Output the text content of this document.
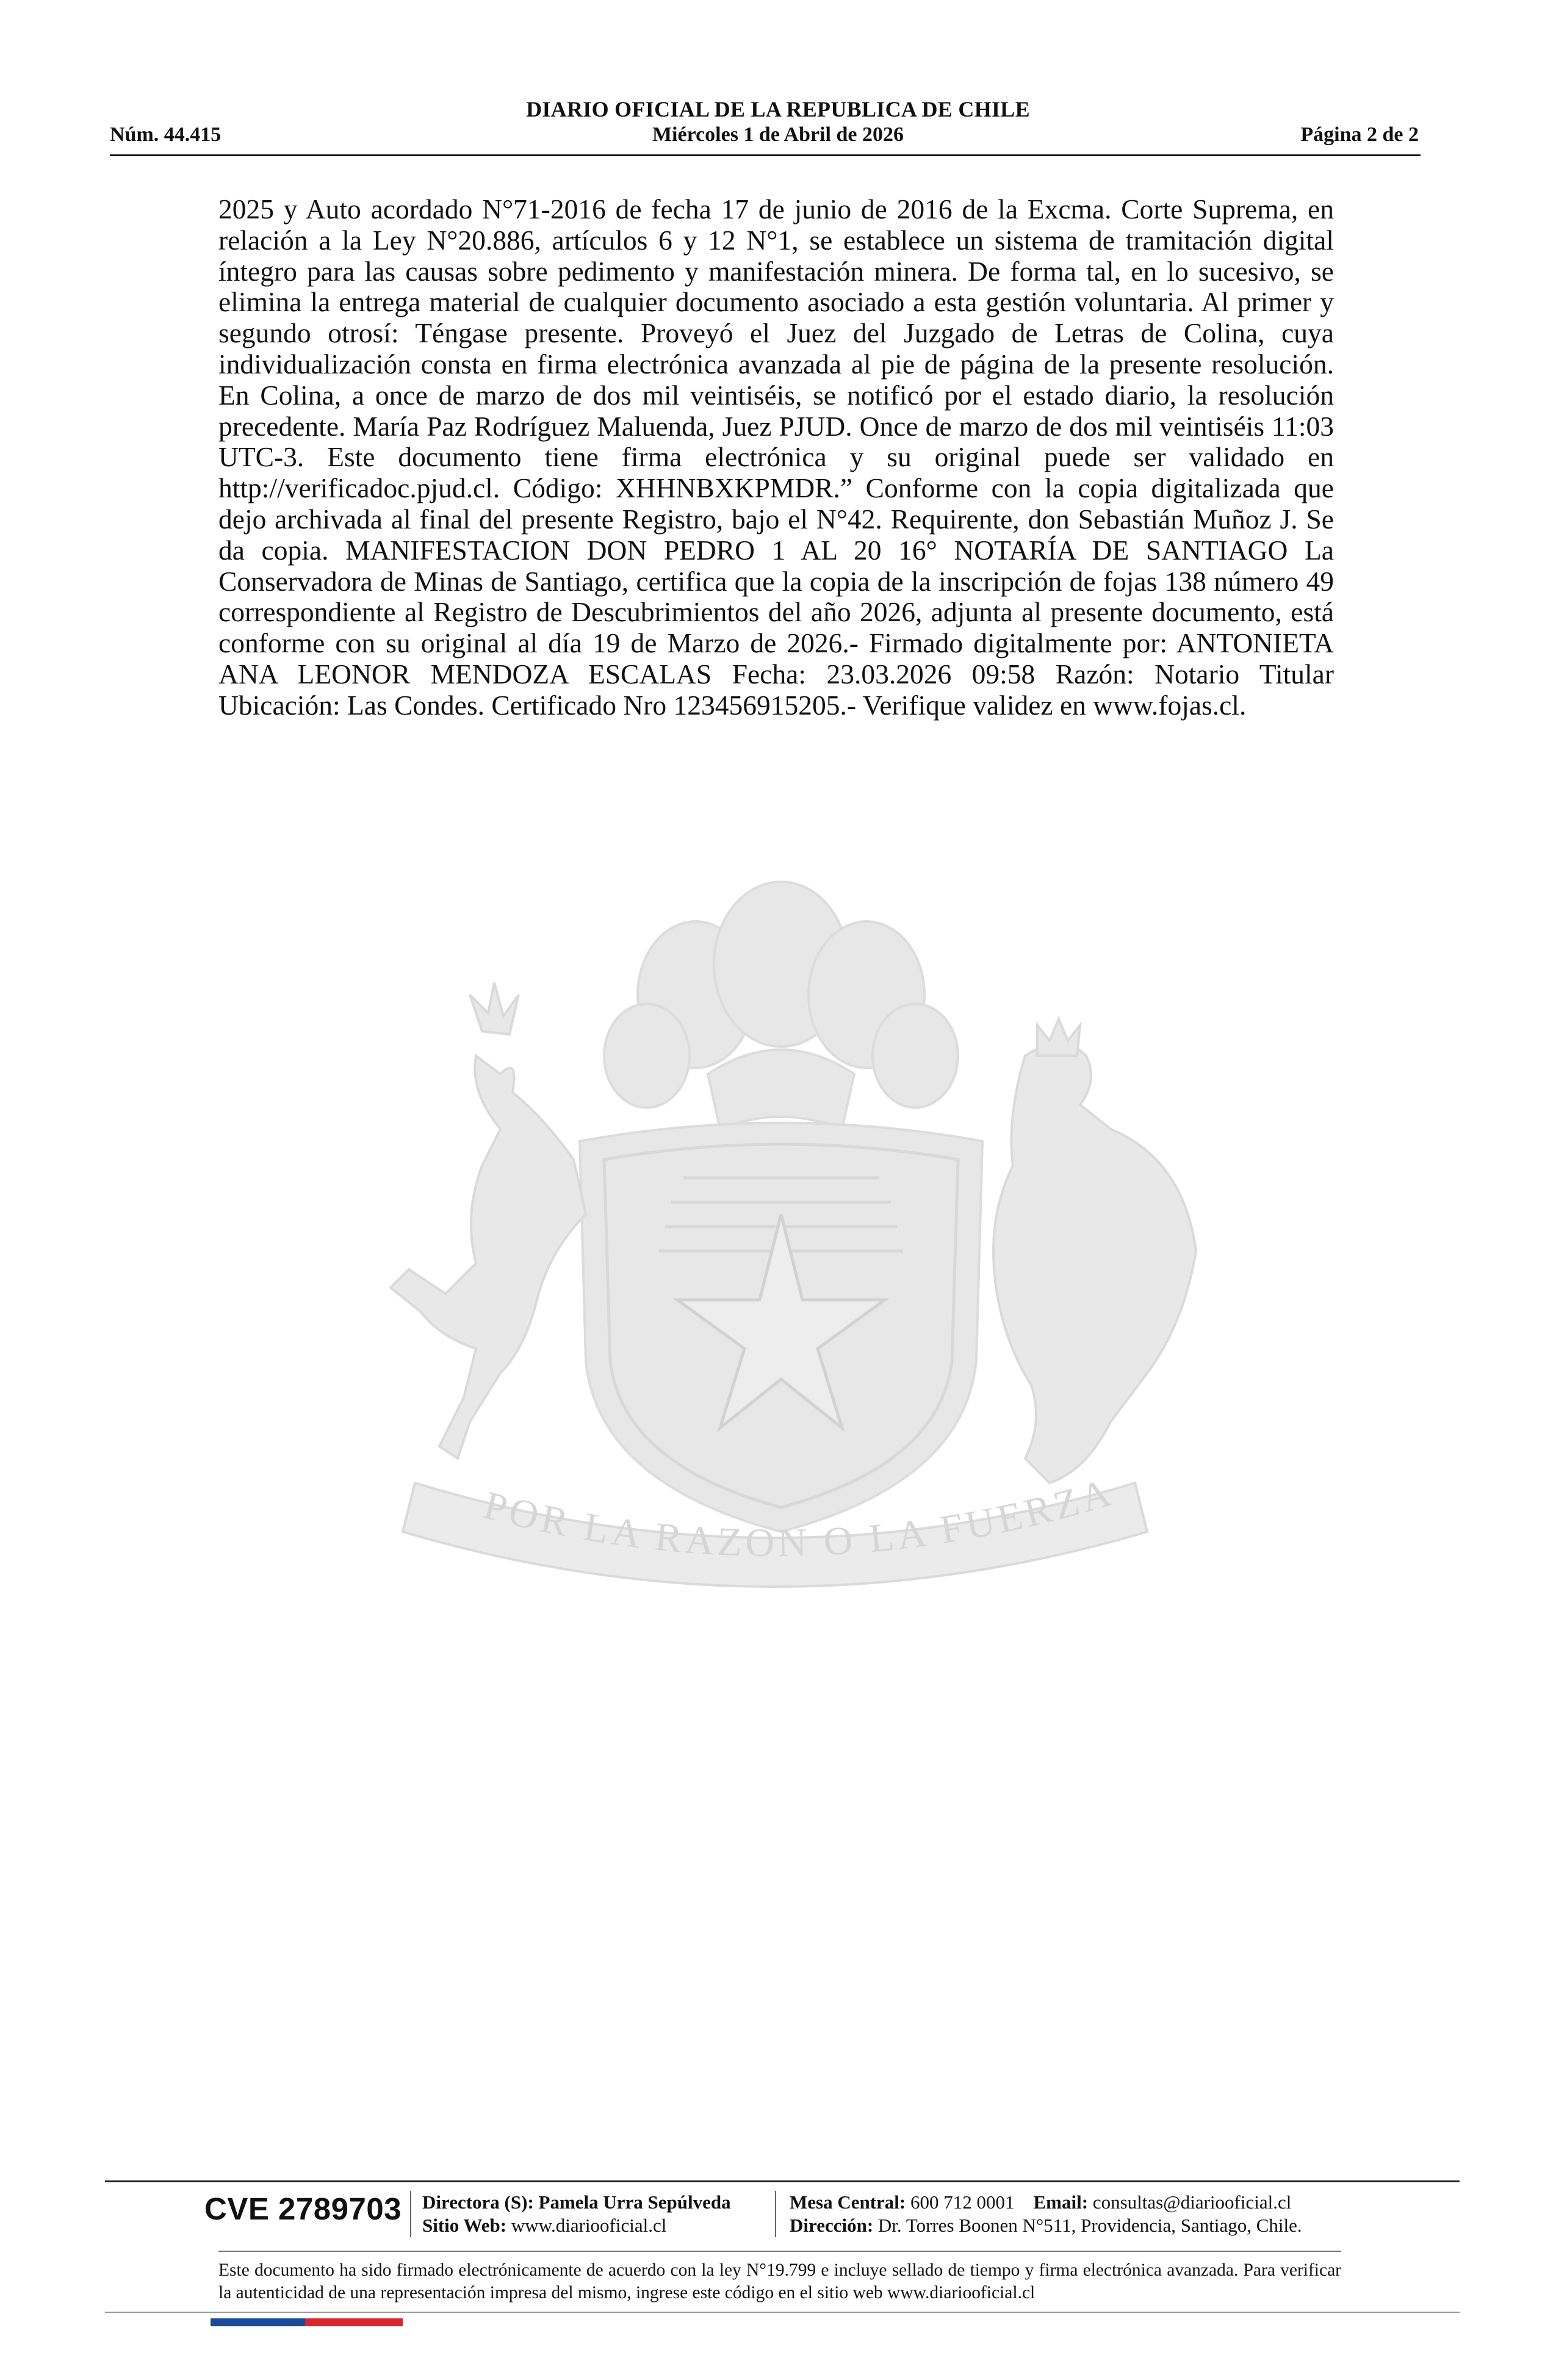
DIARIO OFICIAL DE LA REPUBLICA DE CHILE
Núm. 44.415	Miércoles 1 de Abril de 2026	Página 2 de 2
2025 y Auto acordado N°71-2016 de fecha 17 de junio de 2016 de la Excma. Corte Suprema, en relación a la Ley N°20.886, artículos 6 y 12 N°1, se establece un sistema de tramitación digital íntegro para las causas sobre pedimento y manifestación minera. De forma tal, en lo sucesivo, se elimina la entrega material de cualquier documento asociado a esta gestión voluntaria. Al primer y segundo otrosí: Téngase presente. Proveyó el Juez del Juzgado de Letras de Colina, cuya individualización consta en firma electrónica avanzada al pie de página de la presente resolución. En Colina, a once de marzo de dos mil veintiséis, se notificó por el estado diario, la resolución precedente. María Paz Rodríguez Maluenda, Juez PJUD. Once de marzo de dos mil veintiséis 11:03 UTC-3. Este documento tiene firma electrónica y su original puede ser validado en http://verificadoc.pjud.cl. Código: XHHNBXKPMDR.” Conforme con la copia digitalizada que dejo archivada al final del presente Registro, bajo el N°42. Requirente, don Sebastián Muñoz J. Se da copia. MANIFESTACION DON PEDRO 1 AL 20 16° NOTARÍA DE SANTIAGO La Conservadora de Minas de Santiago, certifica que la copia de la inscripción de fojas 138 número 49 correspondiente al Registro de Descubrimientos del año 2026, adjunta al presente documento, está conforme con su original al día 19 de Marzo de 2026.- Firmado digitalmente por: ANTONIETA ANA LEONOR MENDOZA ESCALAS Fecha: 23.03.2026 09:58 Razón: Notario Titular Ubicación: Las Condes. Certificado Nro 123456915205.- Verifique validez en www.fojas.cl.
POR LA RAZON O LA FUERZA
CVE 2789703 Directora (S): Pamela Urra Sepúlveda
Sitio Web: www.diariooficial.cl
Mesa Central: 600 712 0001 Email: consultas@diariooficial.cl
Dirección: Dr. Torres Boonen N°511, Providencia, Santiago, Chile.
Este documento ha sido firmado electrónicamente de acuerdo con la ley N°19.799 e incluye sellado de tiempo y firma electrónica avanzada. Para verificar la autenticidad de una representación impresa del mismo, ingrese este código en el sitio web www.diariooficial.cl
